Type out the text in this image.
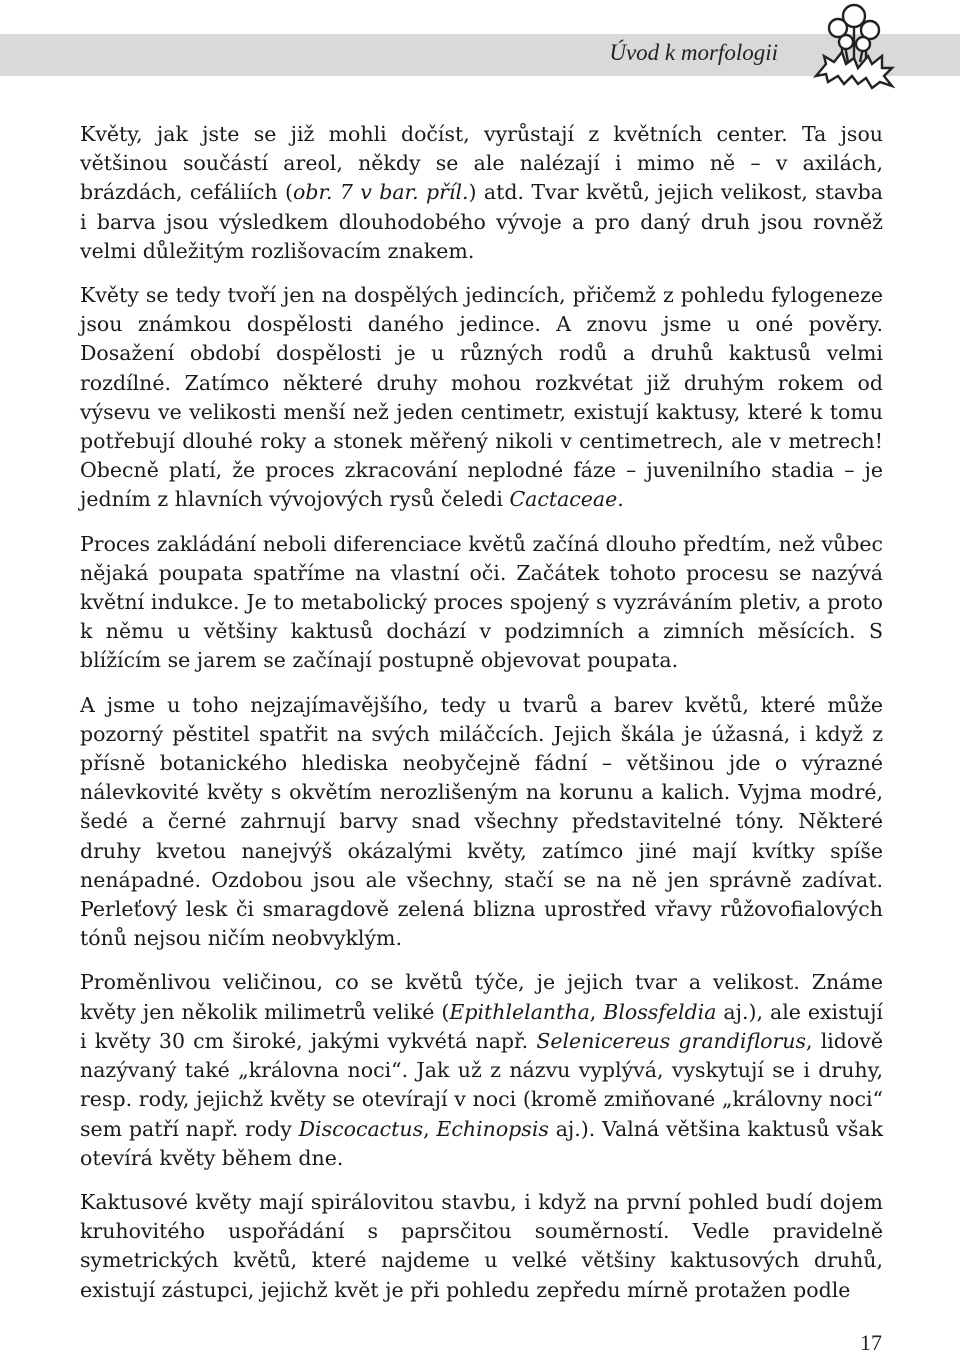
Úvod k morfologii

Květy, jak jste se již mohli dočíst, vyrůstají z květních center. Ta jsou většinou součástí areol, někdy se ale nalézají i mimo ně – v axilách, brázdách, cefáliích (obr. 7 v bar. příl.) atd. Tvar květů, jejich velikost, stavba i barva jsou výsledkem dlouhodobého vývoje a pro daný druh jsou rovněž velmi důležitým rozlišovacím znakem.

Květy se tedy tvoří jen na dospělých jedincích, přičemž z pohledu fylogeneze jsou známkou dospělosti daného jedince. A znovu jsme u oné pověry. Dosažení období dospělosti je u různých rodů a druhů kaktusů velmi rozdílné. Zatímco některé druhy mohou rozkvétat již druhým rokem od výsevu ve velikosti menší než jeden centimetr, existují kaktusy, které k tomu potřebují dlouhé roky a stonek měřený nikoli v centimetrech, ale v metrech! Obecně platí, že proces zkracování neplodné fáze – juvenilního stadia – je jedním z hlavních vývojových rysů čeledi Cactaceae.

Proces zakládání neboli diferenciace květů začíná dlouho předtím, než vůbec nějaká poupata spatříme na vlastní oči. Začátek tohoto procesu se nazývá květní indukce. Je to metabolický proces spojený s vyzráváním pletiv, a proto k němu u většiny kaktusů dochází v podzimních a zimních měsících. S blížícím se jarem se začínají postupně objevovat poupata.

A jsme u toho nejzajímavějšího, tedy u tvarů a barev květů, které může pozorný pěstitel spatřit na svých miláčcích. Jejich škála je úžasná, i když z přísně botanického hlediska neobyčejně fádní – většinou jde o výrazné nálevkovité květy s okvětím nerozlišeným na korunu a kalich. Vyjma modré, šedé a černé zahrnují barvy snad všechny představitelné tóny. Některé druhy kvetou nanejvýš okázalými květy, zatímco jiné mají kvítky spíše nenápadné. Ozdobou jsou ale všechny, stačí se na ně jen správně zadívat. Perleťový lesk či smaragdově zelená blizna uprostřed vřavy růžovofialových tónů nejsou ničím neobvyklým.

Proměnlivou veličinou, co se květů týče, je jejich tvar a velikost. Známe květy jen několik milimetrů veliké (Epithlelantha, Blossfeldia aj.), ale existují i květy 30 cm široké, jakými vykvétá např. Selenicereus grandiflorus, lidově nazývaný také „královna noci“. Jak už z názvu vyplývá, vyskytují se i druhy, resp. rody, jejichž květy se otevírají v noci (kromě zmiňované „královny noci“ sem patří např. rody Discocactus, Echinopsis aj.). Valná většina kaktusů však otevírá květy během dne.

Kaktusové květy mají spirálovitou stavbu, i když na první pohled budí dojem kruhovitého uspořádání s paprsčitou souměrností. Vedle pravidelně symetrických květů, které najdeme u velké většiny kaktusových druhů, existují zástupci, jejichž květ je při pohledu zepředu mírně protažen podle

17
